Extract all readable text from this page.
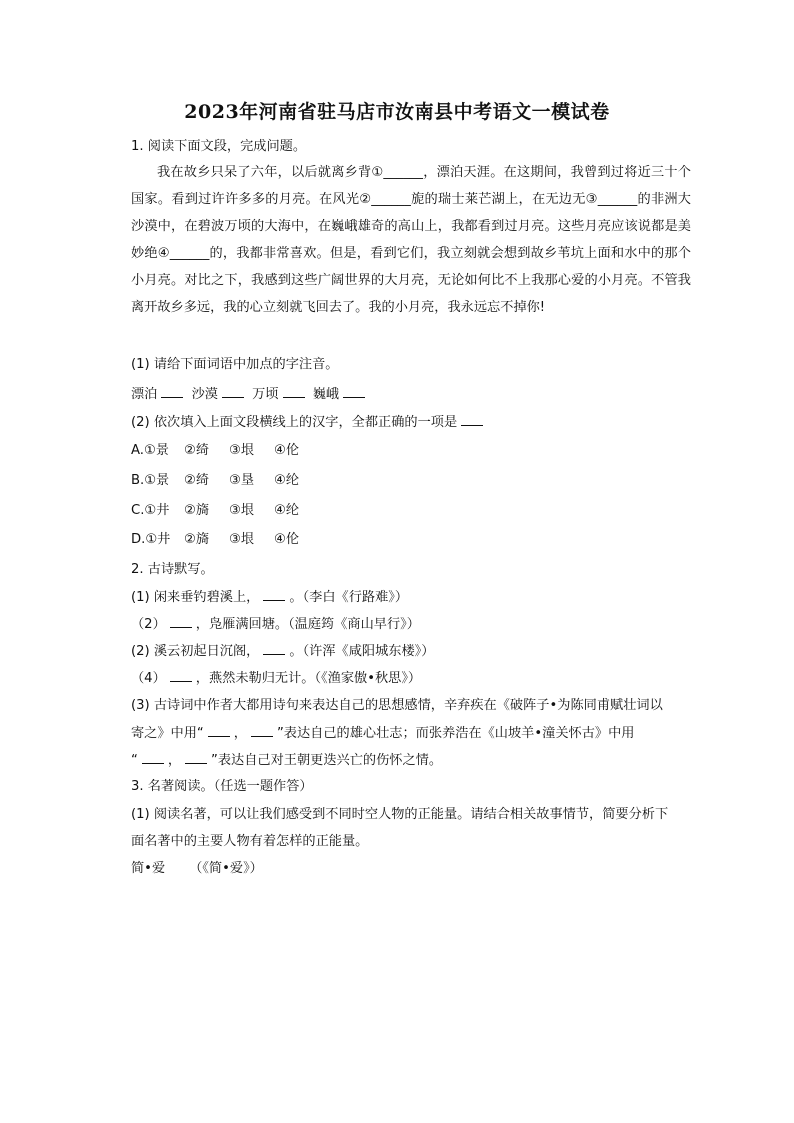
2023年河南省驻马店市汝南县中考语文一模试卷
1. 阅读下面文段，完成问题。
我在故乡只呆了六年，以后就离乡背①______，漂泊天涯。在这期间，我曾到过将近三十个国家。看到过许许多多的月亮。在风光②______旎的瑞士莱芒湖上，在无边无③______的非洲大沙漠中，在碧波万顷的大海中，在巍峨雄奇的高山上，我都看到过月亮。这些月亮应该说都是美妙绝④______的，我都非常喜欢。但是，看到它们，我立刻就会想到故乡苇坑上面和水中的那个小月亮。对比之下，我感到这些广阔世界的大月亮，无论如何比不上我那心爱的小月亮。不管我离开故乡多远，我的心立刻就飞回去了。我的小月亮，我永远忘不掉你!
(1) 请给下面词语中加点的字注音。
漂泊	沙漠	万顷	巍峨
(2) 依次填入上面文段横线上的汉字，全都正确的一项是
A.①景 ②绮 ③垠 ④伦
B.①景 ②绮 ③垦 ④纶
C.①井 ②旖 ③垠 ④纶
D.①井 ②旖 ③垠 ④伦
2. 古诗默写。
(1) 闲来垂钓碧溪上， 。（李白《行路难》）
（2） ，凫雁满回塘。（温庭筠《商山早行》）
(2) 溪云初起日沉阁， 。（许浑《咸阳城东楼》）
（4） ，燕然未勒归无计。（《渔家傲•秋思》）
(3) 古诗词中作者大都用诗句来表达自己的思想感情，辛弃疾在《破阵子•为陈同甫赋壮词以
寄之》中用“ ， ”表达自己的雄心壮志；而张养浩在《山坡羊•潼关怀古》中用
“ ， ”表达自己对王朝更迭兴亡的伤怀之情。
3. 名著阅读。（任选一题作答）
(1) 阅读名著，可以让我们感受到不同时空人物的正能量。请结合相关故事情节，简要分析下
面名著中的主要人物有着怎样的正能量。
简•爱 （《简•爱》）
